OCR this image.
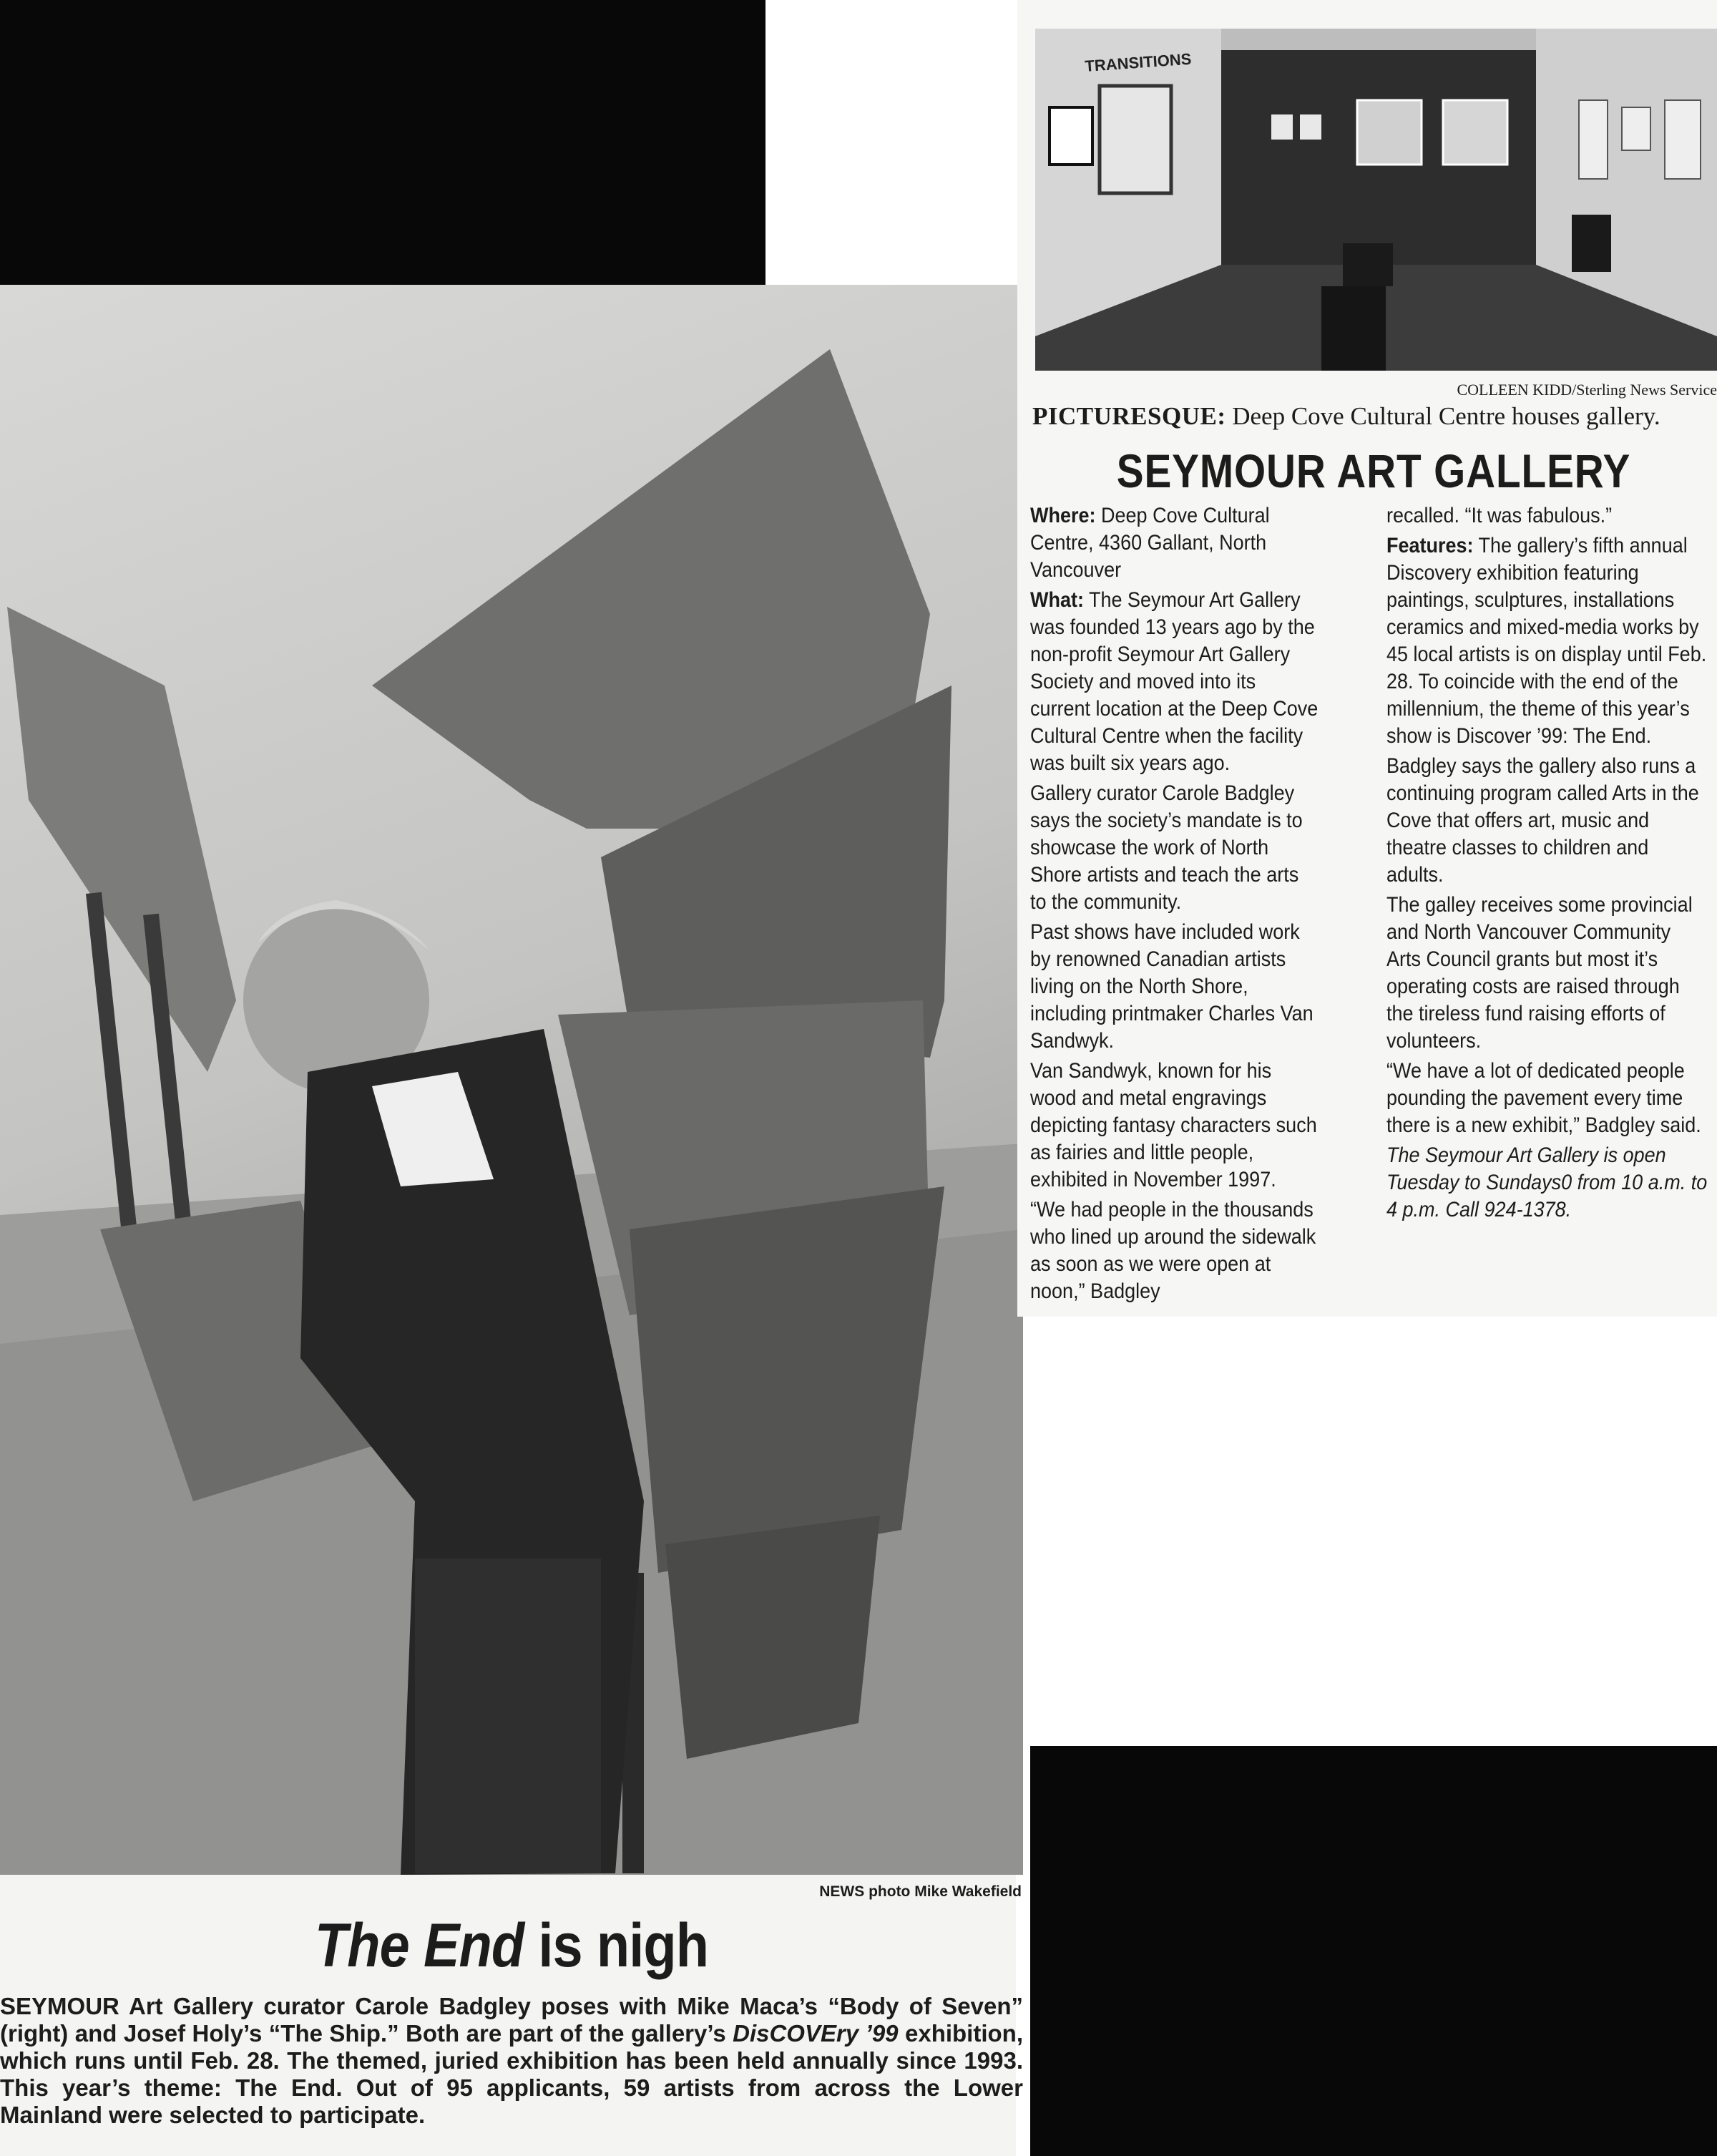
NEWS photo Mike Wakefield
The End is nigh
SEYMOUR Art Gallery curator Carole Badgley poses with Mike Maca’s “Body of Seven” (right) and Josef Holy’s “The Ship.” Both are part of the gallery’s DisCOVEry ’99 exhibition, which runs until Feb. 28. The themed, juried exhibition has been held annually since 1993. This year’s theme: The End. Out of 95 applicants, 59 artists from across the Lower Mainland were selected to participate.
TRANSITIONS
COLLEEN KIDD/Sterling News Service
PICTURESQUE: Deep Cove Cultural Centre houses gallery.
SEYMOUR ART GALLERY

Where: Deep Cove Cultural Centre, 4360 Gallant, North Vancouver

What: The Seymour Art Gallery was founded 13 years ago by the non-profit Seymour Art Gallery Society and moved into its current location at the Deep Cove Cultural Centre when the facility was built six years ago.

Gallery curator Carole Badgley says the society’s mandate is to showcase the work of North Shore artists and teach the arts to the community.

Past shows have included work by renowned Canadian artists living on the North Shore, including printmaker Charles Van Sandwyk.

Van Sandwyk, known for his wood and metal engravings depicting fantasy characters such as fairies and little people, exhibited in November 1997.

“We had people in the thousands who lined up around the sidewalk as soon as we were open at noon,” Badgley

recalled. “It was fabulous.”

Features: The gallery’s fifth annual Discovery exhibition featuring paintings, sculptures, installations ceramics and mixed-media works by 45 local artists is on display until Feb. 28. To coincide with the end of the millennium, the theme of this year’s show is Discover ’99: The End.

Badgley says the gallery also runs a continuing program called Arts in the Cove that offers art, music and theatre classes to children and adults.

The galley receives some provincial and North Vancouver Community Arts Council grants but most it’s operating costs are raised through the tireless fund raising efforts of volunteers.

“We have a lot of dedicated people pounding the pavement every time there is a new exhibit,” Badgley said.

The Seymour Art Gallery is open Tuesday to Sundays0 from 10 a.m. to 4 p.m. Call 924-1378.
